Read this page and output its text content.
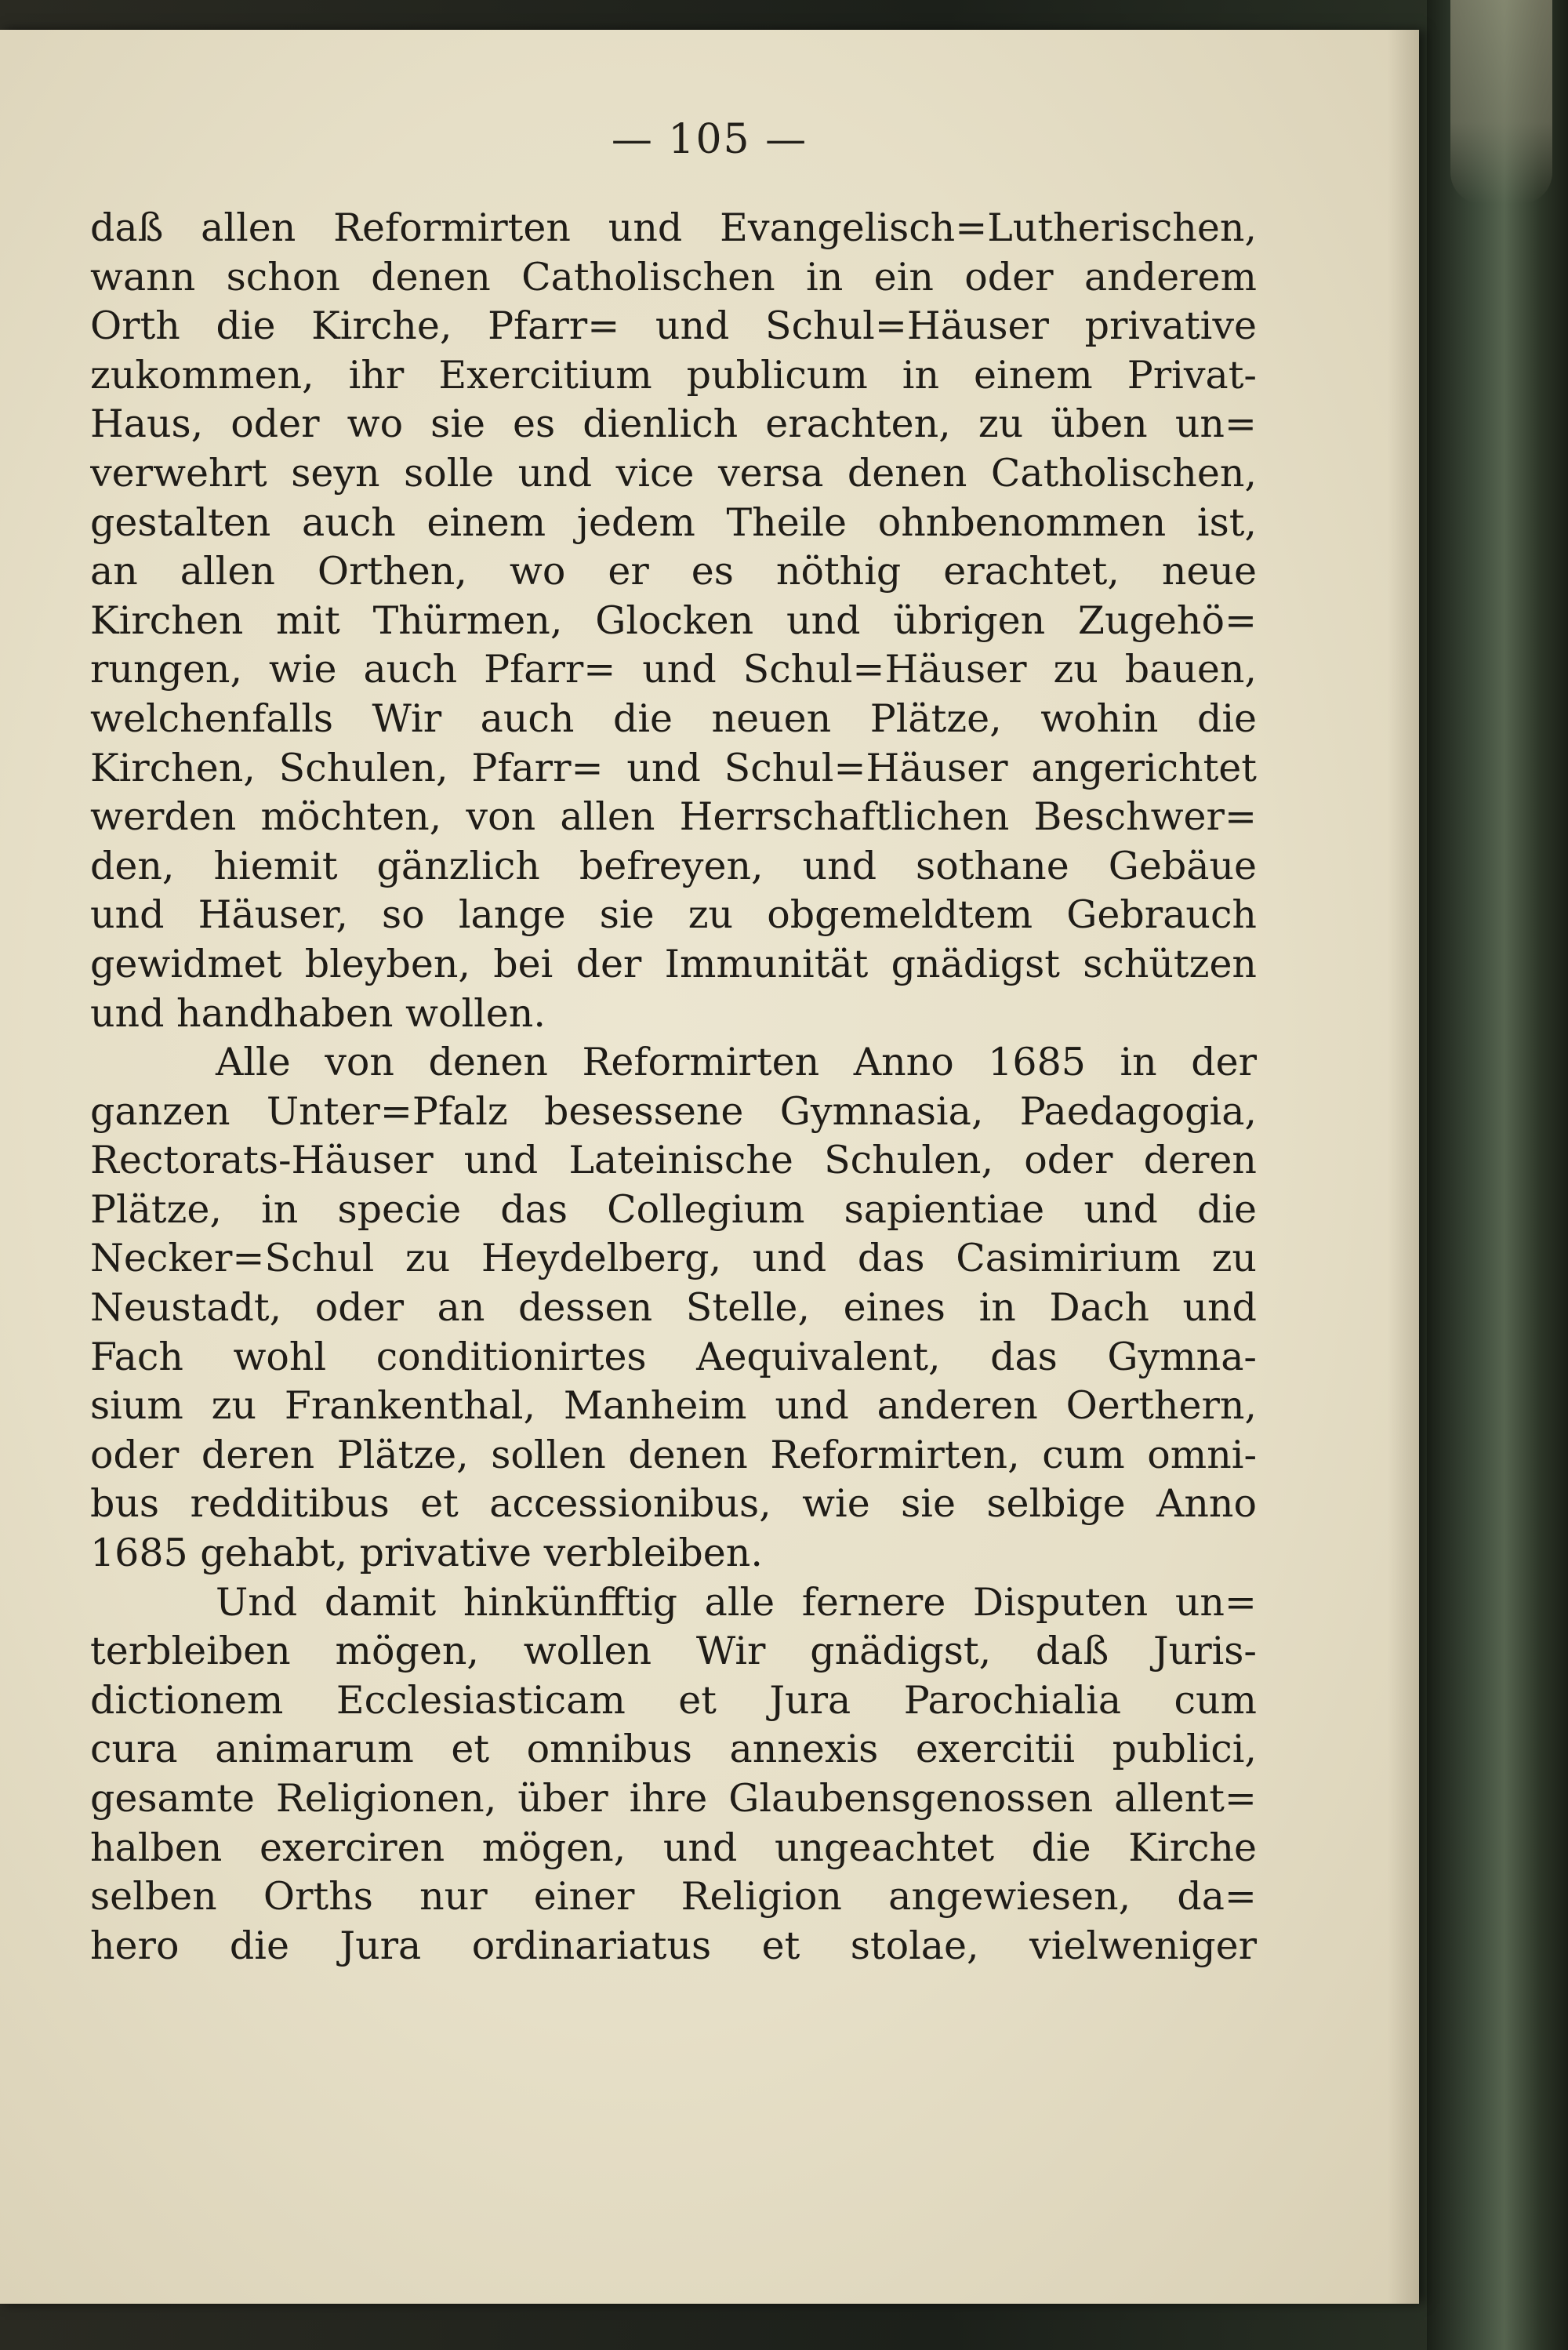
— 105 —
daß allen Reformirten und Evangelisch=Lutherischen,
wann schon denen Catholischen in ein oder anderem
Orth die Kirche, Pfarr= und Schul=Häuser privative
zukommen, ihr Exercitium publicum in einem Privat-
Haus, oder wo sie es dienlich erachten, zu üben un=
verwehrt seyn solle und vice versa denen Catholischen,
gestalten auch einem jedem Theile ohnbenommen ist,
an allen Orthen, wo er es nöthig erachtet, neue
Kirchen mit Thürmen, Glocken und übrigen Zugehö=
rungen, wie auch Pfarr= und Schul=Häuser zu bauen,
welchenfalls Wir auch die neuen Plätze, wohin die
Kirchen, Schulen, Pfarr= und Schul=Häuser angerichtet
werden möchten, von allen Herrschaftlichen Beschwer=
den, hiemit gänzlich befreyen, und sothane Gebäue
und Häuser, so lange sie zu obgemeldtem Gebrauch
gewidmet bleyben, bei der Immunität gnädigst schützen
und handhaben wollen.
Alle von denen Reformirten Anno 1685 in der
ganzen Unter=Pfalz besessene Gymnasia, Paedagogia,
Rectorats-Häuser und Lateinische Schulen, oder deren
Plätze, in specie das Collegium sapientiae und die
Necker=Schul zu Heydelberg, und das Casimirium zu
Neustadt, oder an dessen Stelle, eines in Dach und
Fach wohl conditionirtes Aequivalent, das Gymna-
sium zu Frankenthal, Manheim und anderen Oerthern,
oder deren Plätze, sollen denen Reformirten, cum omni-
bus redditibus et accessionibus, wie sie selbige Anno
1685 gehabt, privative verbleiben.
Und damit hinkünfftig alle fernere Disputen un=
terbleiben mögen, wollen Wir gnädigst, daß Juris-
dictionem Ecclesiasticam et Jura Parochialia cum
cura animarum et omnibus annexis exercitii publici,
gesamte Religionen, über ihre Glaubensgenossen allent=
halben exerciren mögen, und ungeachtet die Kirche
selben Orths nur einer Religion angewiesen, da=
hero die Jura ordinariatus et stolae, vielweniger
